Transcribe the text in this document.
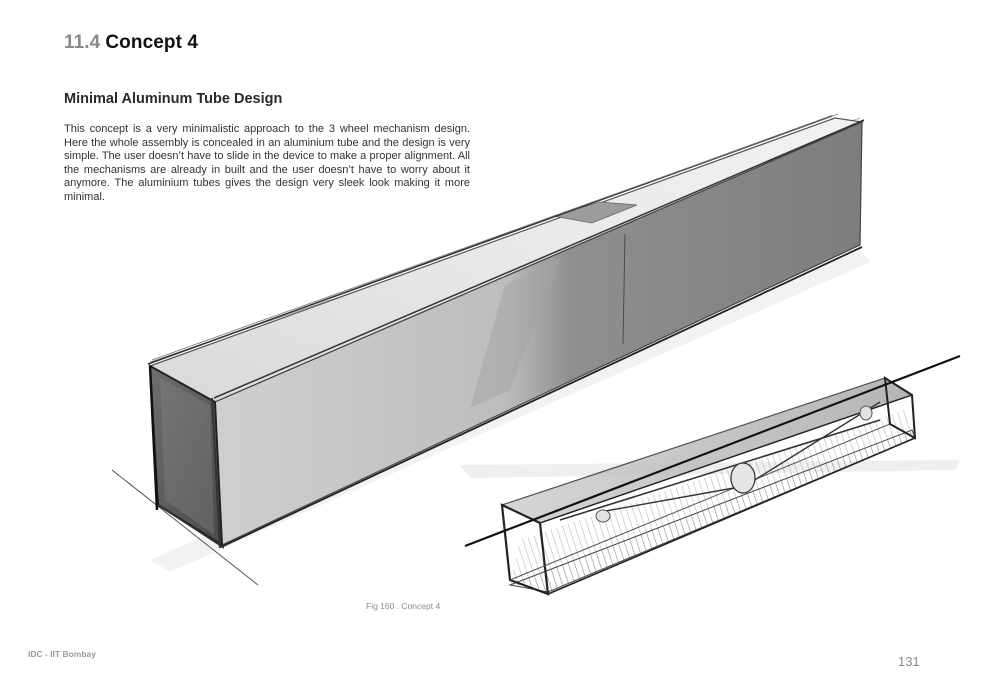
11.4 Concept 4
Minimal Aluminum Tube Design

This concept is a very minimalistic approach to the 3 wheel mechanism design. Here the whole assembly is concealed in an aluminium tube and the design is very simple. The user doesn’t have to slide in the device to make a proper alignment. All the mechanisms are already in built and the user doesn’t have to worry about it anymore. The aluminium tubes gives the design very sleek look making it more minimal.

Fig 160 . Concept 4
IDC - IIT Bombay	131
